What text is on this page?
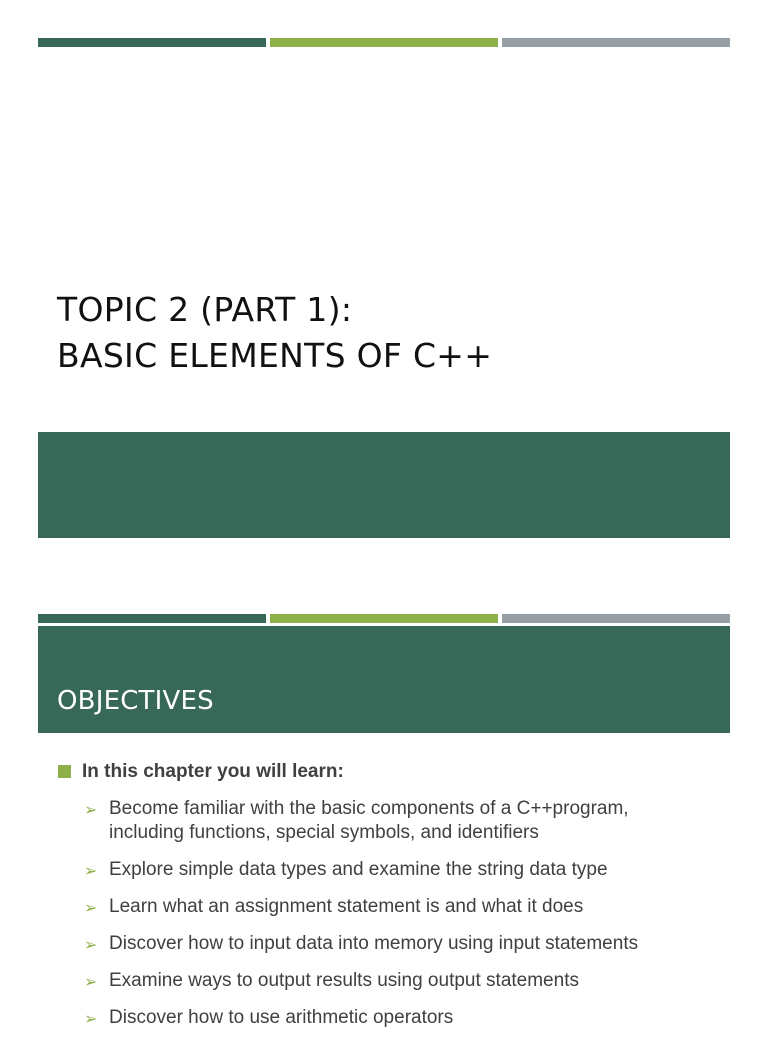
TOPIC 2 (PART 1):
BASIC ELEMENTS OF C++
OBJECTIVES
In this chapter you will learn:
➢ Become familiar with the basic components of a C++program,
including functions, special symbols, and identifiers
➢ Explore simple data types and examine the string data type
➢ Learn what an assignment statement is and what it does
➢ Discover how to input data into memory using input statements
➢ Examine ways to output results using output statements
➢ Discover how to use arithmetic operators
